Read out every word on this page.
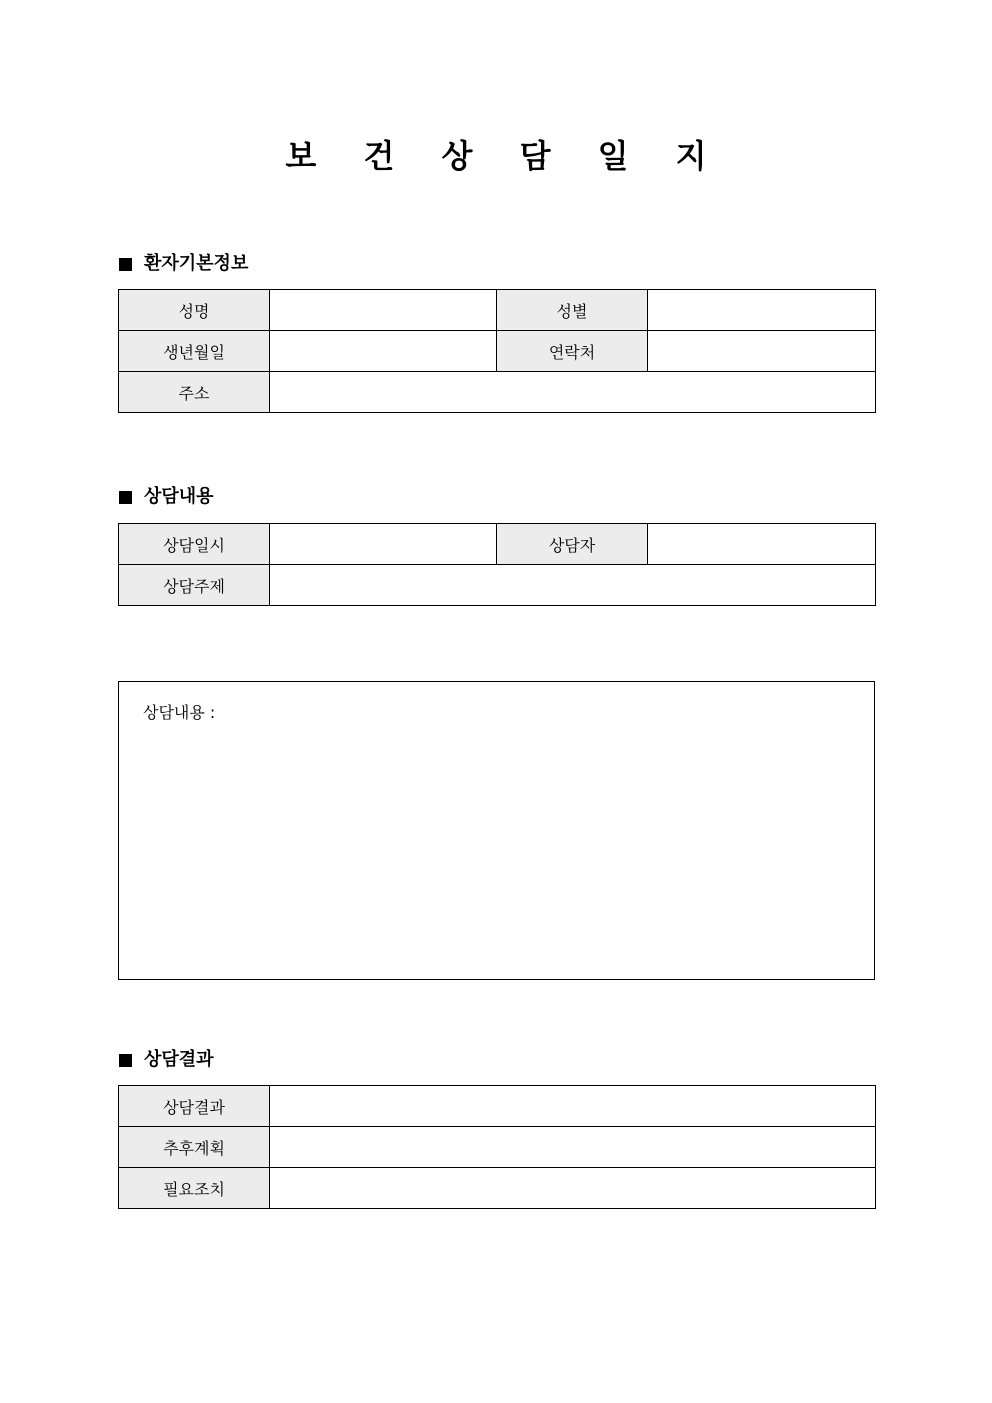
보 건 상 담 일 지
환자기본정보
성명		성별	
생년월일		연락처	
주소			
상담내용
상담일시		상담자	
상담주제			
상담내용 :
상담결과
상담결과	
추후계획	
필요조치	
